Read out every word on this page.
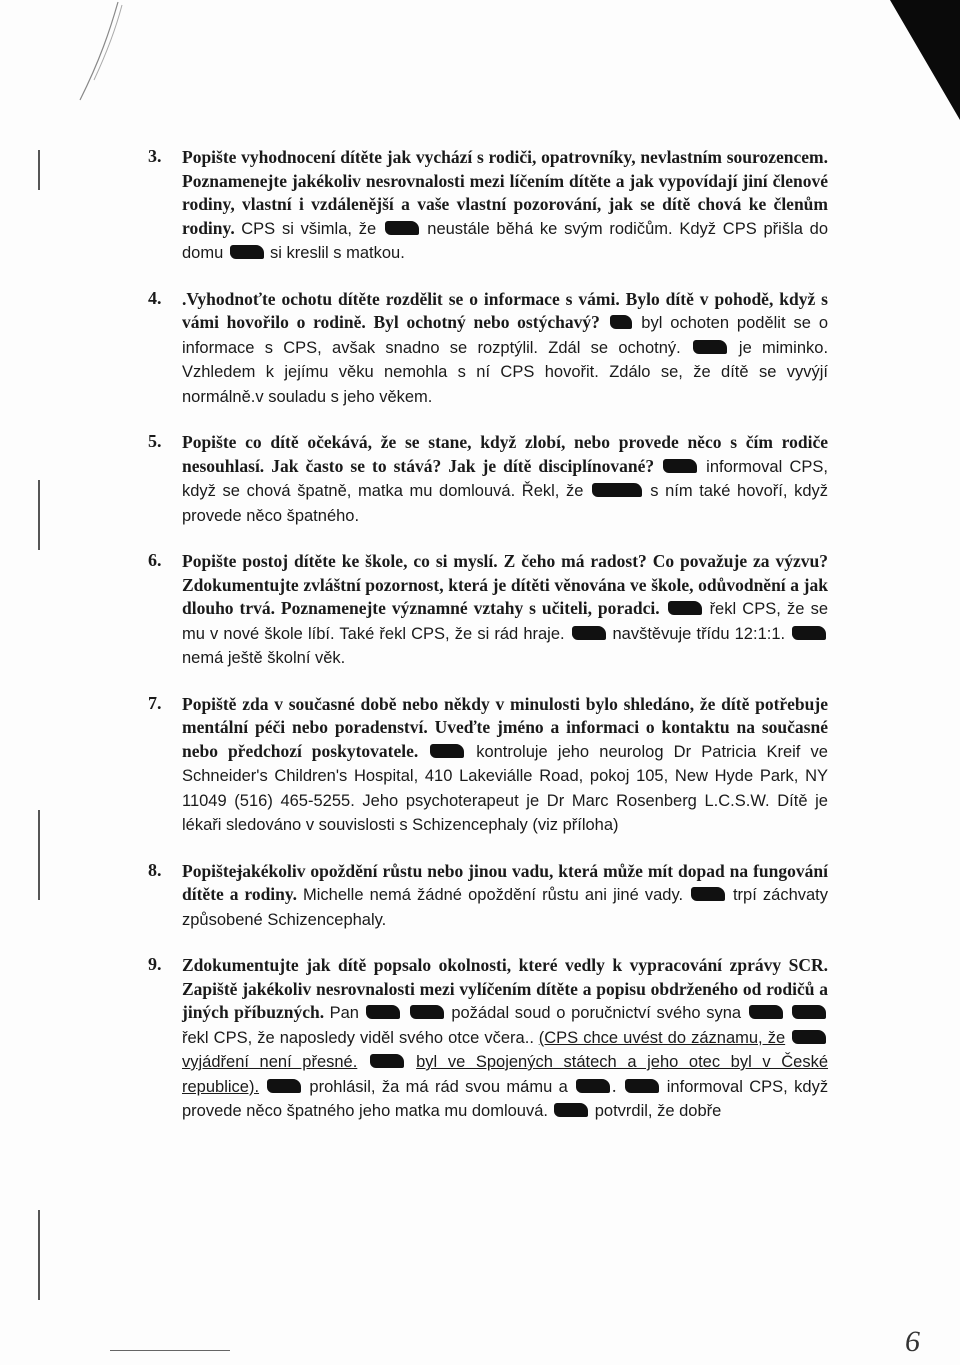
3.	Popište vyhodnocení dítěte jak vychází s rodiči, opatrovníky, nevlastním sourozencem. Poznamenejte jakékoliv nesrovnalosti mezi líčením dítěte a jak vypovídají jiní členové rodiny, vlastní i vzdálenější a vaše vlastní pozorování, jak se dítě chová ke členům rodiny. CPS si všimla, že	neustále běhá ke svým rodičům. Když CPS přišla do domu	si kreslil s matkou.
4.	.Vyhodnoťte ochotu dítěte rozdělit se o informace s vámi. Bylo dítě v pohodě, když s vámi hovořilo o rodině. Byl ochotný nebo ostýchavý?	byl ochoten podělit se o informace s CPS, avšak snadno se rozptýlil. Zdál se ochotný.	je miminko. Vzhledem k jejímu věku nemohla s ní CPS hovořit. Zdálo se, že dítě se vyvýjí normálně.v souladu s jeho věkem.
5.	Popište co dítě očekává, že se stane, když zlobí, nebo provede něco s čím rodiče nesouhlasí. Jak často se to stává? Jak je dítě disciplínované?	informoval CPS, když se chová špatně, matka mu domlouvá. Řekl, že	s ním také hovoří, když provede něco špatného.
6.	Popište postoj dítěte ke škole, co si myslí. Z čeho má radost? Co považuje za výzvu? Zdokumentujte zvláštní pozornost, která je dítěti věnována ve škole, odůvodnění a jak dlouho trvá. Poznamenejte významné vztahy s učiteli, poradci.	řekl CPS, že se mu v nové škole líbí. Také řekl CPS, že si rád hraje.	navštěvuje třídu 12:1:1.  nemá ještě školní věk.
7.	Popiště zda v současné době nebo někdy v minulosti bylo shledáno, že dítě potřebuje mentální péči nebo poradenství. Uveďte jméno a informaci o kontaktu na současné nebo předchozí poskytovatele.	kontroluje jeho neurolog Dr Patricia Kreif ve Schneider's Children's Hospital, 410 Lakeviálle Road, pokoj 105, New Hyde Park, NY 11049 (516) 465-5255. Jeho psychoterapeut je Dr Marc Rosenberg L.C.S.W. Dítě je lékaři sledováno v souvislosti s Schizencephaly (viz příloha)
8.	Popištejakékoliv opoždění růstu nebo jinou vadu, která může mít dopad na fungování dítěte a rodiny. Michelle nemá žádné opoždění růstu ani jiné vady.	trpí záchvaty způsobené Schizencephaly.
9.	Zdokumentujte jak dítě popsalo okolnosti, které vedly k vypracování zprávy SCR. Zapiště jakékoliv nesrovnalosti mezi vylíčením dítěte a popisu obdrženého od rodičů a jiných příbuzných. Pan	požádal soud o poručnictví svého syna   řekl CPS, že naposledy viděl svého otce včera.. (CPS chce uvést do záznamu, že  vyjádření není přesné.	byl ve Spojených státech a jeho otec byl v České republice).	prohlásil, ža má rád svou mámu a	.	informoval CPS, když provede něco špatného jeho matka mu domlouvá.	potvrdil, že dobře
6
